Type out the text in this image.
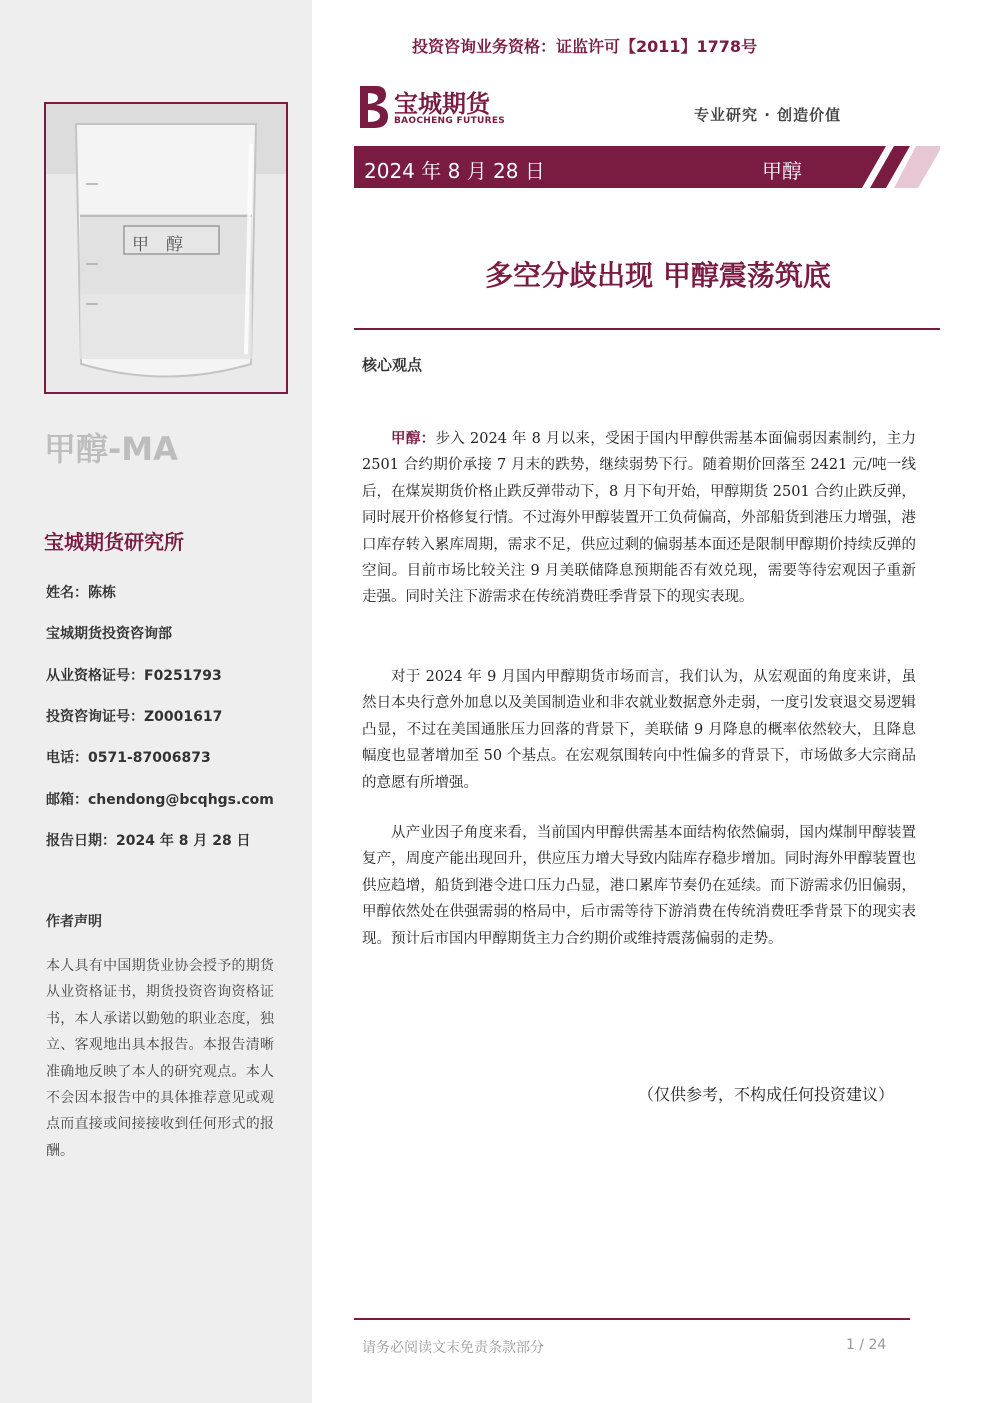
甲　醇
甲醇-MA
宝城期货研究所
姓名：陈栋
宝城期货投资咨询部
从业资格证号：F0251793
投资咨询证号：Z0001617
电话：0571-87006873
邮箱：chendong@bcqhgs.com
报告日期：2024 年 8 月 28 日
作者声明
本人具有中国期货业协会授予的期货从业资格证书，期货投资咨询资格证书，本人承诺以勤勉的职业态度，独立、客观地出具本报告。本报告清晰准确地反映了本人的研究观点。本人不会因本报告中的具体推荐意见或观点而直接或间接接收到任何形式的报酬。
投资咨询业务资格：证监许可【2011】1778号
宝城期货
BAOCHENG FUTURES	专业研究 · 创造价值
2024 年 8 月 28 日	甲醇
多空分歧出现 甲醇震荡筑底
核心观点

甲醇：步入 2024 年 8 月以来，受困于国内甲醇供需基本面偏弱因素制约，主力 2501 合约期价承接 7 月末的跌势，继续弱势下行。随着期价回落至 2421 元/吨一线后，在煤炭期货价格止跌反弹带动下，8 月下旬开始，甲醇期货 2501 合约止跌反弹，同时展开价格修复行情。不过海外甲醇装置开工负荷偏高，外部船货到港压力增强，港口库存转入累库周期，需求不足，供应过剩的偏弱基本面还是限制甲醇期价持续反弹的空间。目前市场比较关注 9 月美联储降息预期能否有效兑现，需要等待宏观因子重新走强。同时关注下游需求在传统消费旺季背景下的现实表现。

对于 2024 年 9 月国内甲醇期货市场而言，我们认为，从宏观面的角度来讲，虽然日本央行意外加息以及美国制造业和非农就业数据意外走弱，一度引发衰退交易逻辑凸显，不过在美国通胀压力回落的背景下，美联储 9 月降息的概率依然较大，且降息幅度也显著增加至 50 个基点。在宏观氛围转向中性偏多的背景下，市场做多大宗商品的意愿有所增强。

从产业因子角度来看，当前国内甲醇供需基本面结构依然偏弱，国内煤制甲醇装置复产，周度产能出现回升，供应压力增大导致内陆库存稳步增加。同时海外甲醇装置也供应趋增，船货到港令进口压力凸显，港口累库节奏仍在延续。而下游需求仍旧偏弱，甲醇依然处在供强需弱的格局中，后市需等待下游消费在传统消费旺季背景下的现实表现。预计后市国内甲醇期货主力合约期价或维持震荡偏弱的走势。

（仅供参考，不构成任何投资建议）
请务必阅读文末免责条款部分	1 / 24
